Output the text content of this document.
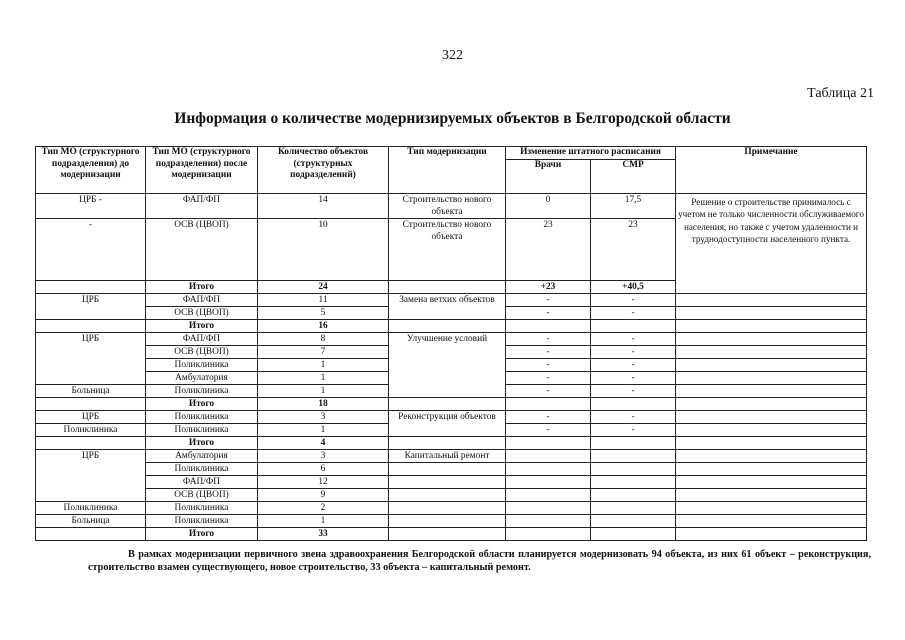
322
Таблица 21
Информация о количестве модернизируемых объектов в Белгородской области
Тип МО (структурного подразделения) до модернизации	Тип МО (структурного подразделения) после модернизации	Количество объектов (структурных подразделений)	Тип модернизации	Изменение штатного расписания		Примечание
				Врачи	СМР	
ЦРБ -	ФАП/ФП	14	Строительство нового объекта	0	17,5	Решение о строительстве принималось с учетом не только численности обслуживаемого населения, но также с учетом удаленности и труднодоступности населенного пункта.
-	ОСВ (ЦВОП)	10	Строительство нового объекта	23	23	
	Итого	24		+23	+40,5	
ЦРБ	ФАП/ФП	11	Замена ветхих объектов	-	-	
	ОСВ (ЦВОП)	5		-	-	
	Итого	16				
ЦРБ	ФАП/ФП	8	Улучшение условий	-	-	
	ОСВ (ЦВОП)	7		-	-	
	Поликлиника	1		-	-	
	Амбулатория	1		-	-	
Больница	Поликлиника	1		-	-	
	Итого	18				
ЦРБ	Поликлиника	3	Реконструкция объектов	-	-	
Поликлиника	Поликлиника	1		-	-	
	Итого	4				
ЦРБ	Амбулатория	3	Капитальный ремонт			
	Поликлиника	6				
	ФАП/ФП	12				
	ОСВ (ЦВОП)	9				
Поликлиника	Поликлиника	2				
Больница	Поликлиника	1				
	Итого	33				
В рамках модернизации первичного звена здравоохранения Белгородской области планируется модернизовать 94 объекта, из них 61 объект – реконструкция, строительство взамен существующего, новое строительство, 33 объекта – капитальный ремонт.
